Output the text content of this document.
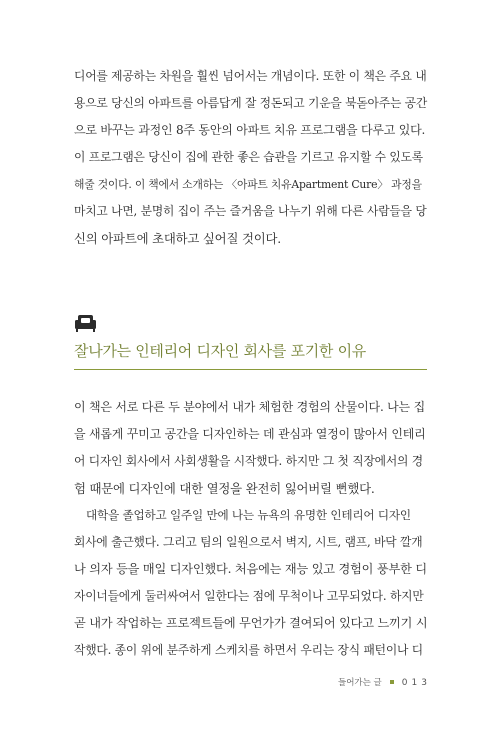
디어를 제공하는 차원을 훨씬 넘어서는 개념이다. 또한 이 책은 주요 내
용으로 당신의 아파트를 아름답게 잘 정돈되고 기운을 북돋아주는 공간
으로 바꾸는 과정인 8주 동안의 아파트 치유 프로그램을 다루고 있다.
이 프로그램은 당신이 집에 관한 좋은 습관을 기르고 유지할 수 있도록
해줄 것이다. 이 책에서 소개하는 〈아파트 치유Apartment Cure〉 과정을
마치고 나면, 분명히 집이 주는 즐거움을 나누기 위해 다른 사람들을 당
신의 아파트에 초대하고 싶어질 것이다.
잘나가는 인테리어 디자인 회사를 포기한 이유
이 책은 서로 다른 두 분야에서 내가 체험한 경험의 산물이다. 나는 집
을 새롭게 꾸미고 공간을 디자인하는 데 관심과 열정이 많아서 인테리
어 디자인 회사에서 사회생활을 시작했다. 하지만 그 첫 직장에서의 경
험 때문에 디자인에 대한 열정을 완전히 잃어버릴 뻔했다.
대학을 졸업하고 일주일 만에 나는 뉴욕의 유명한 인테리어 디자인
회사에 출근했다. 그리고 팀의 일원으로서 벽지, 시트, 램프, 바닥 깔개
나 의자 등을 매일 디자인했다. 처음에는 재능 있고 경험이 풍부한 디
자이너들에게 둘러싸여서 일한다는 점에 무척이나 고무되었다. 하지만
곧 내가 작업하는 프로젝트들에 무언가가 결여되어 있다고 느끼기 시
작했다. 종이 위에 분주하게 스케치를 하면서 우리는 장식 패턴이나 디
들어가는 글 013
